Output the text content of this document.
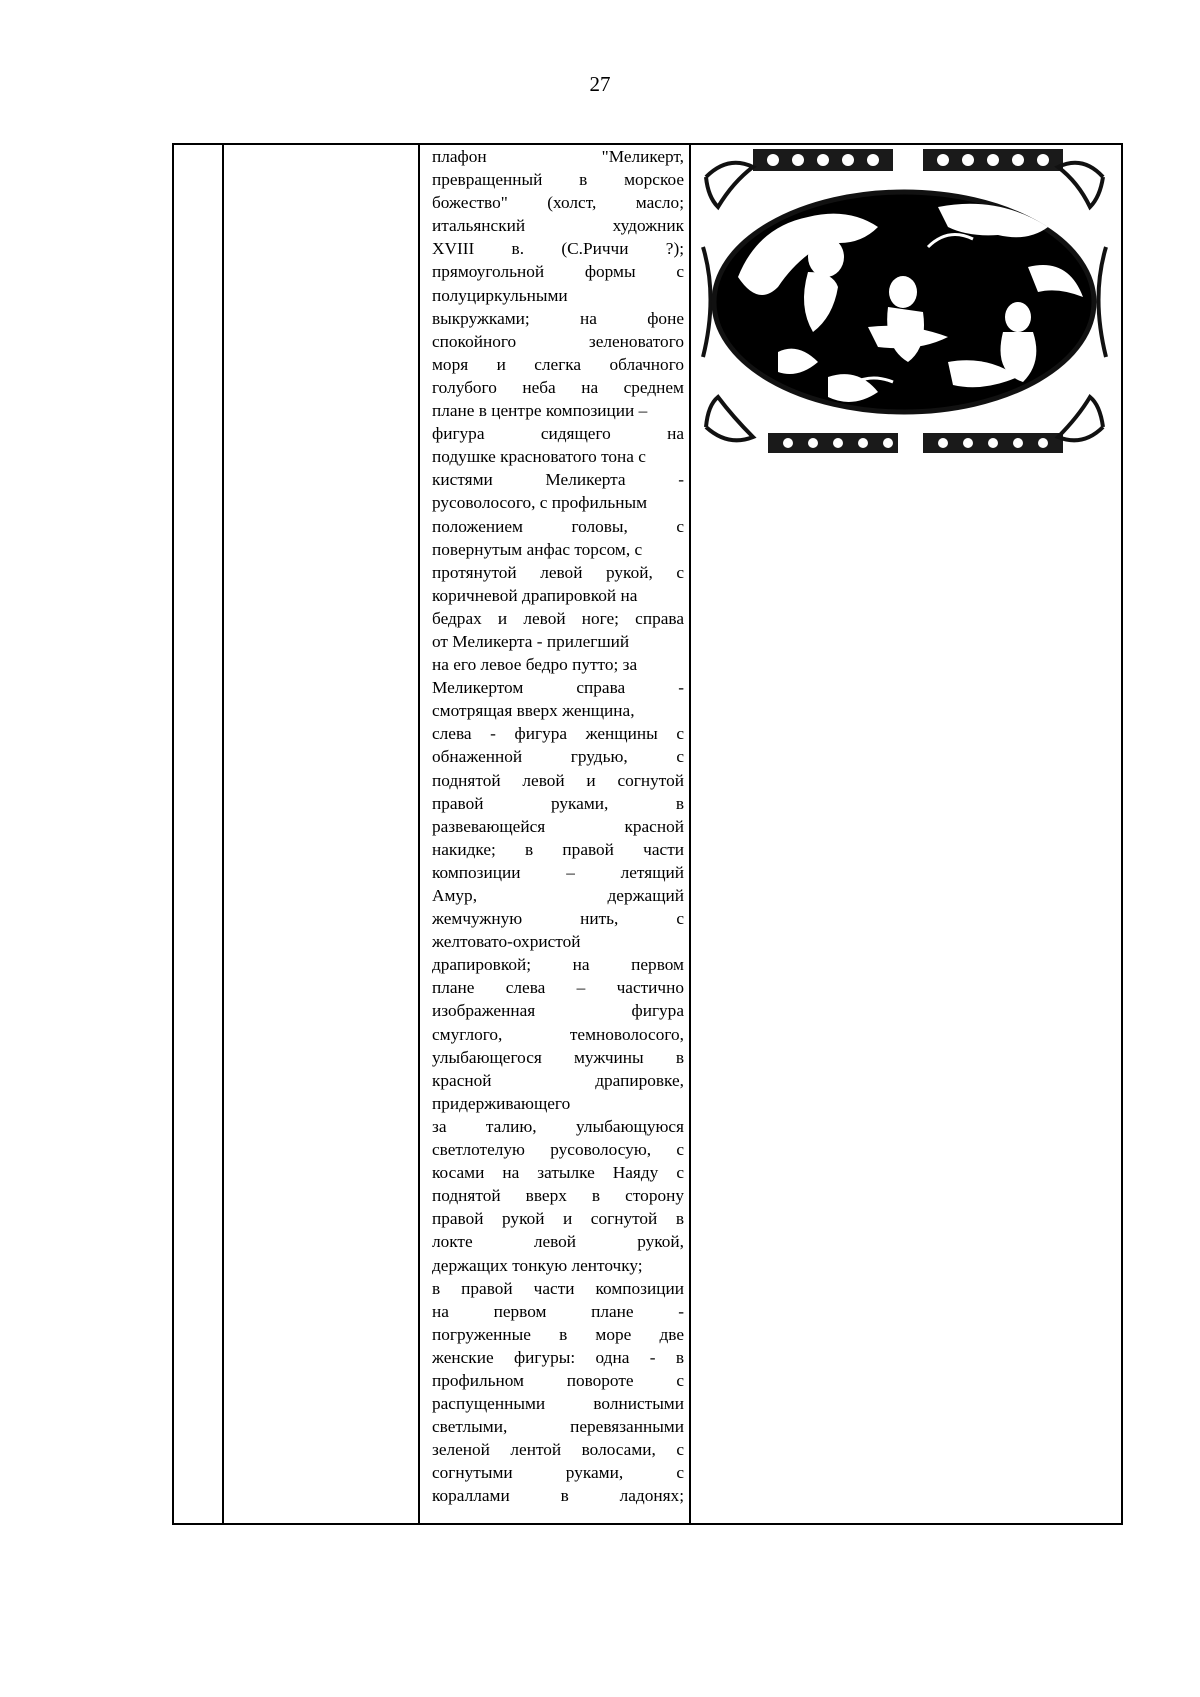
27
плафон "Меликерт,
превращенный в морское
божество" (холст, масло;
итальянский художник
XVIII в. (С.Риччи ?);
прямоугольной формы с
полуциркульными
выкружками; на фоне
спокойного зеленоватого
моря и слегка облачного
голубого неба на среднем
плане в центре композиции –
фигура сидящего на
подушке красноватого тона с
кистями Меликерта -
русоволосого, с профильным
положением головы, с
повернутым анфас торсом, с
протянутой левой рукой, с
коричневой драпировкой на
бедрах и левой ноге; справа
от Меликерта - прилегший
на его левое бедро путто; за
Меликертом справа -
смотрящая вверх женщина,
слева - фигура женщины с
обнаженной грудью, с
поднятой левой и согнутой
правой руками, в
развевающейся красной
накидке; в правой части
композиции – летящий
Амур, держащий
жемчужную нить, с
желтовато-охристой
драпировкой; на первом
плане слева – частично
изображенная фигура
смуглого, темноволосого,
улыбающегося мужчины в
красной драпировке,
придерживающего
за талию, улыбающуюся
светлотелую русоволосую, с
косами на затылке Наяду с
поднятой вверх в сторону
правой рукой и согнутой в
локте левой рукой,
держащих тонкую ленточку;
в правой части композиции
на первом плане -
погруженные в море две
женские фигуры: одна - в
профильном повороте с
распущенными волнистыми
светлыми, перевязанными
зеленой лентой волосами, с
согнутыми руками, с
кораллами в ладонях;
